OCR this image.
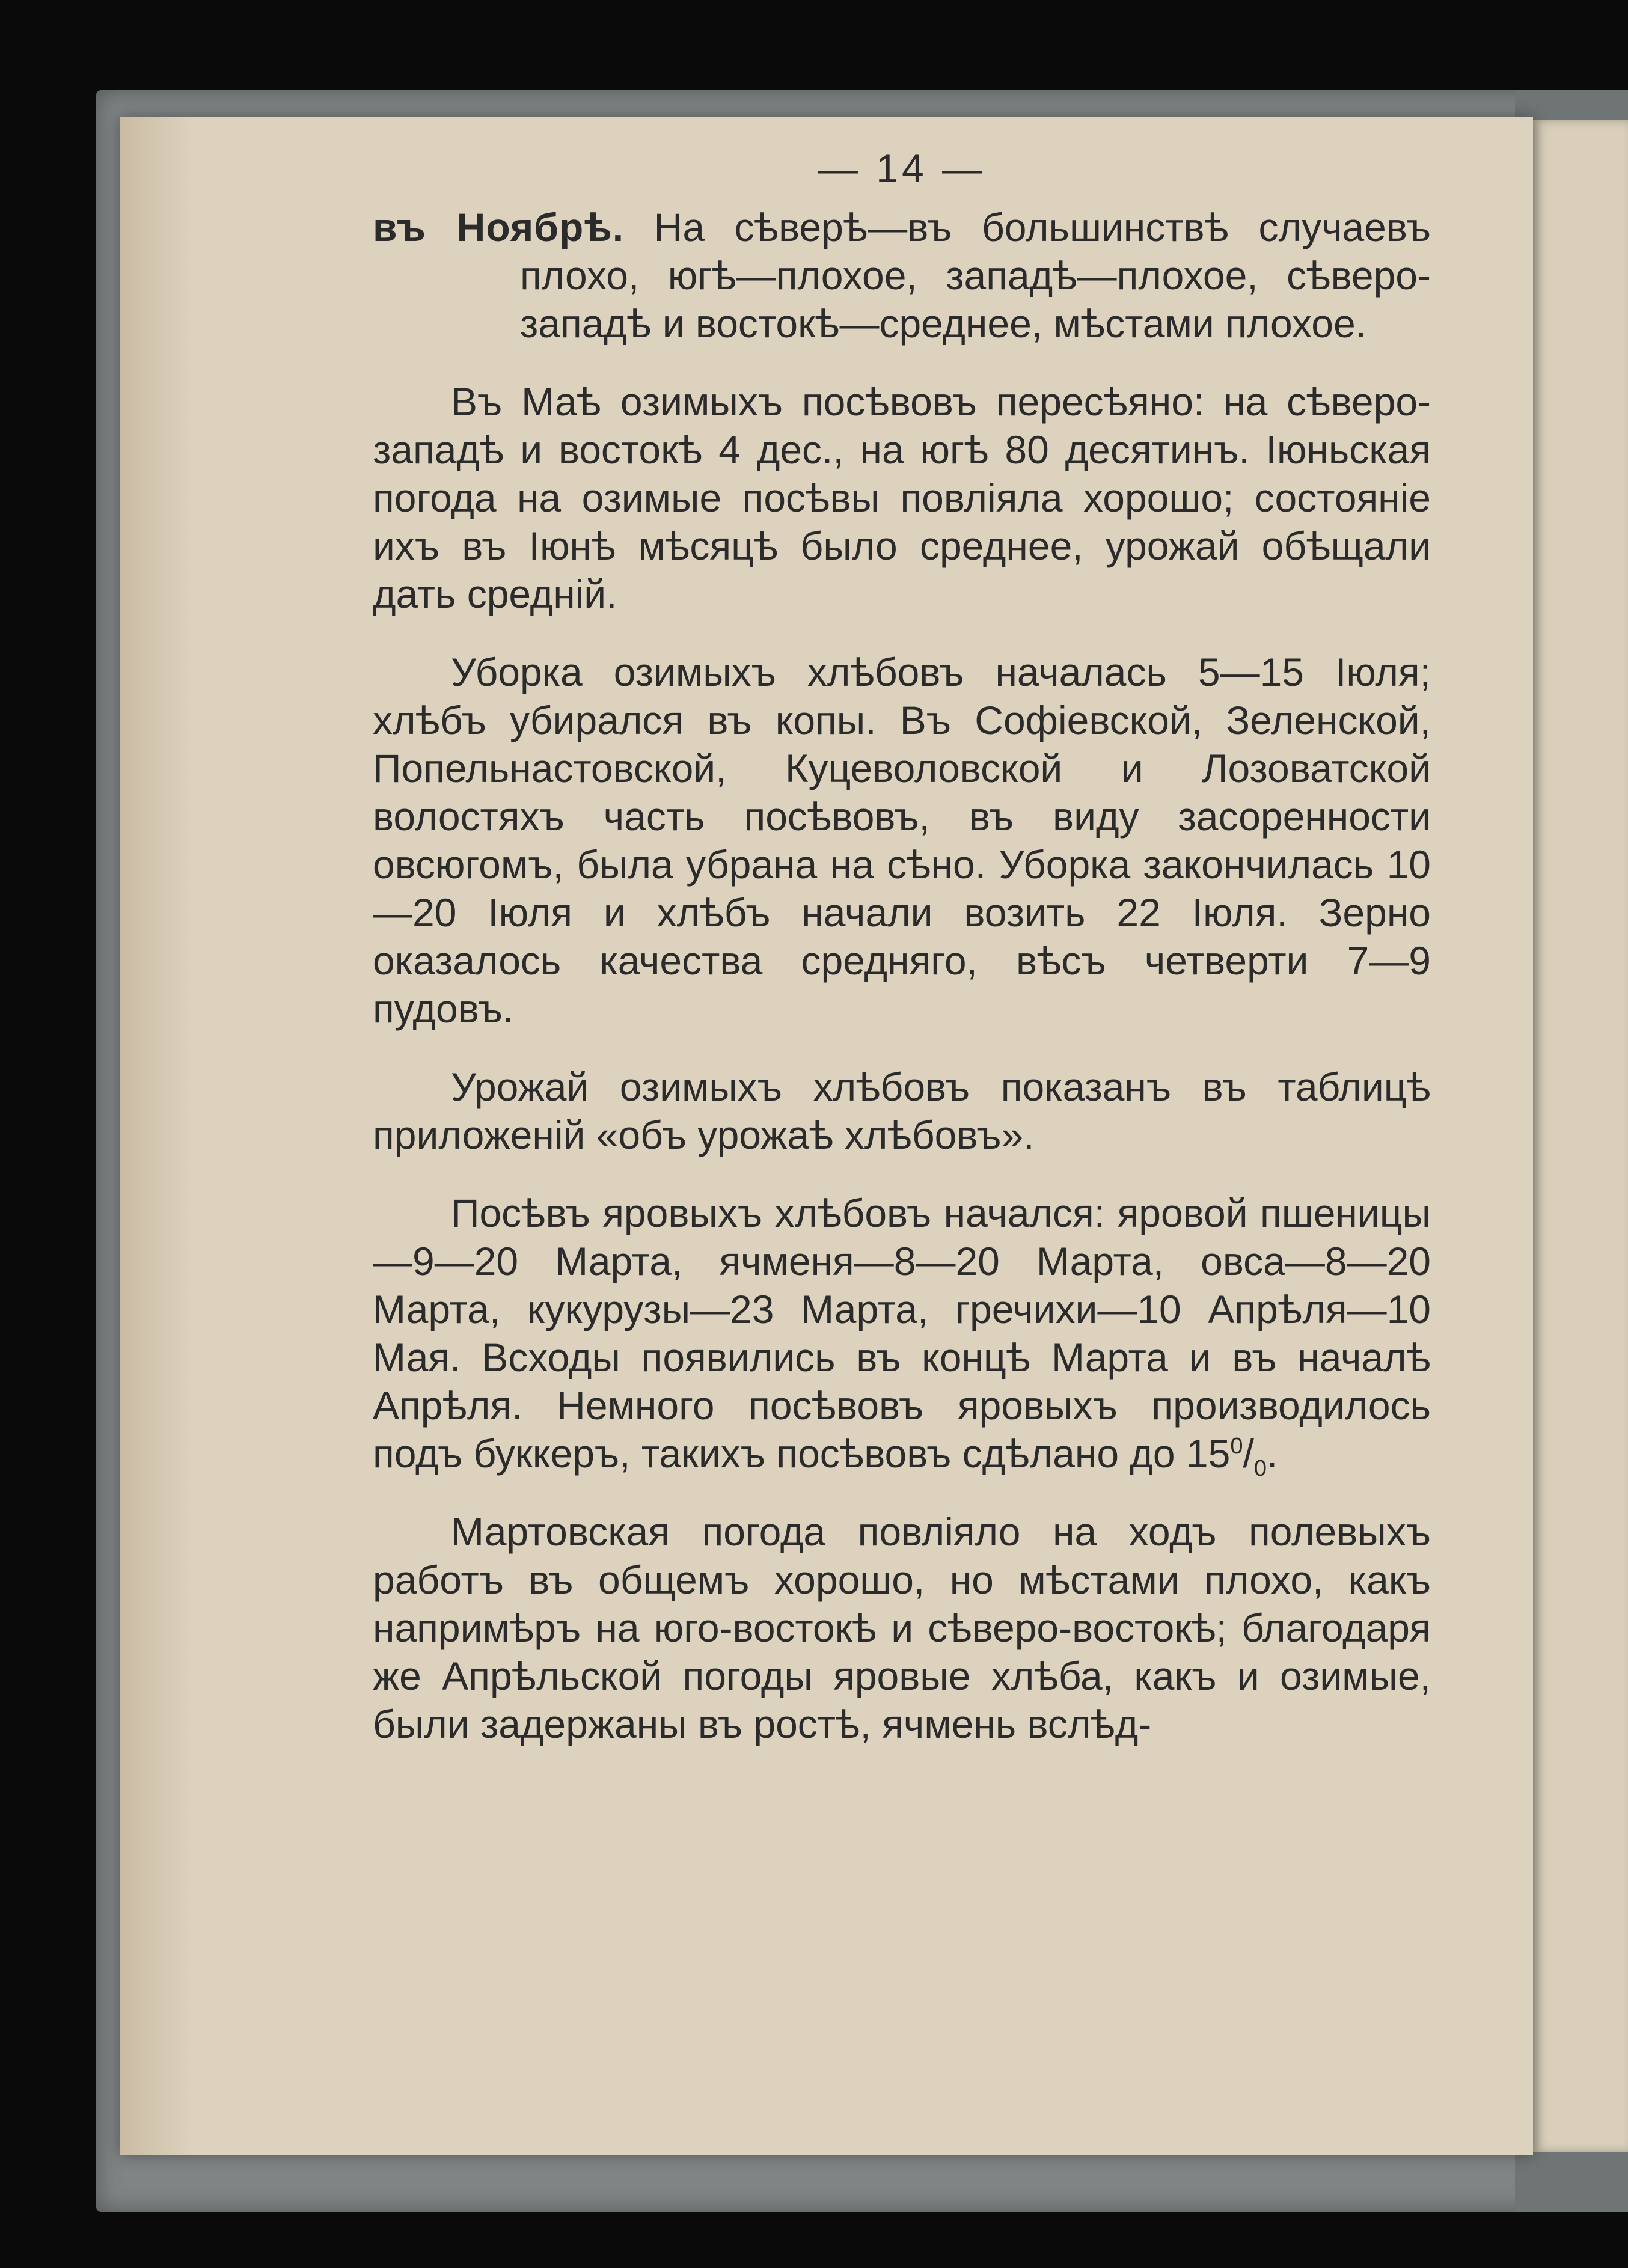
— 14 —

въ Ноябрѣ. На сѣверѣ—въ большинствѣ случаевъ плохо, югѣ—плохое, западѣ—плохое, сѣверо-западѣ и востокѣ—среднее, мѣстами плохое.

Въ Маѣ озимыхъ посѣвовъ пересѣяно: на сѣверо-западѣ и востокѣ 4 дес., на югѣ 80 десятинъ. Іюньская погода на озимые посѣвы повліяла хорошо; состояніе ихъ въ Іюнѣ мѣсяцѣ было среднее, урожай обѣщали дать средній.

Уборка озимыхъ хлѣбовъ началась 5—15 Іюля; хлѣбъ убирался въ копы. Въ Софіевской, Зеленской, Попельнастовской, Куцеволовской и Лозоватской волостяхъ часть посѣвовъ, въ виду засоренности овсюгомъ, была убрана на сѣно. Уборка закончилась 10—20 Іюля и хлѣбъ начали возить 22 Іюля. Зерно оказалось качества средняго, вѣсъ четверти 7—9 пудовъ.

Урожай озимыхъ хлѣбовъ показанъ въ таблицѣ приложеній «объ урожаѣ хлѣбовъ».

Посѣвъ яровыхъ хлѣбовъ начался: яровой пшеницы—9—20 Марта, ячменя—8—20 Марта, овса—8—20 Марта, кукурузы—23 Марта, гречихи—10 Апрѣля—10 Мая. Всходы появились въ концѣ Марта и въ началѣ Апрѣля. Немного посѣвовъ яровыхъ производилось подъ буккеръ, такихъ посѣвовъ сдѣлано до $15^0/_0$.

Мартовская погода повліяло на ходъ полевыхъ работъ въ общемъ хорошо, но мѣстами плохо, какъ напримѣръ на юго-востокѣ и сѣверо-востокѣ; благодаря же Апрѣльской погоды яровые хлѣба, какъ и озимые, были задержаны въ ростѣ, ячмень вслѣд-
